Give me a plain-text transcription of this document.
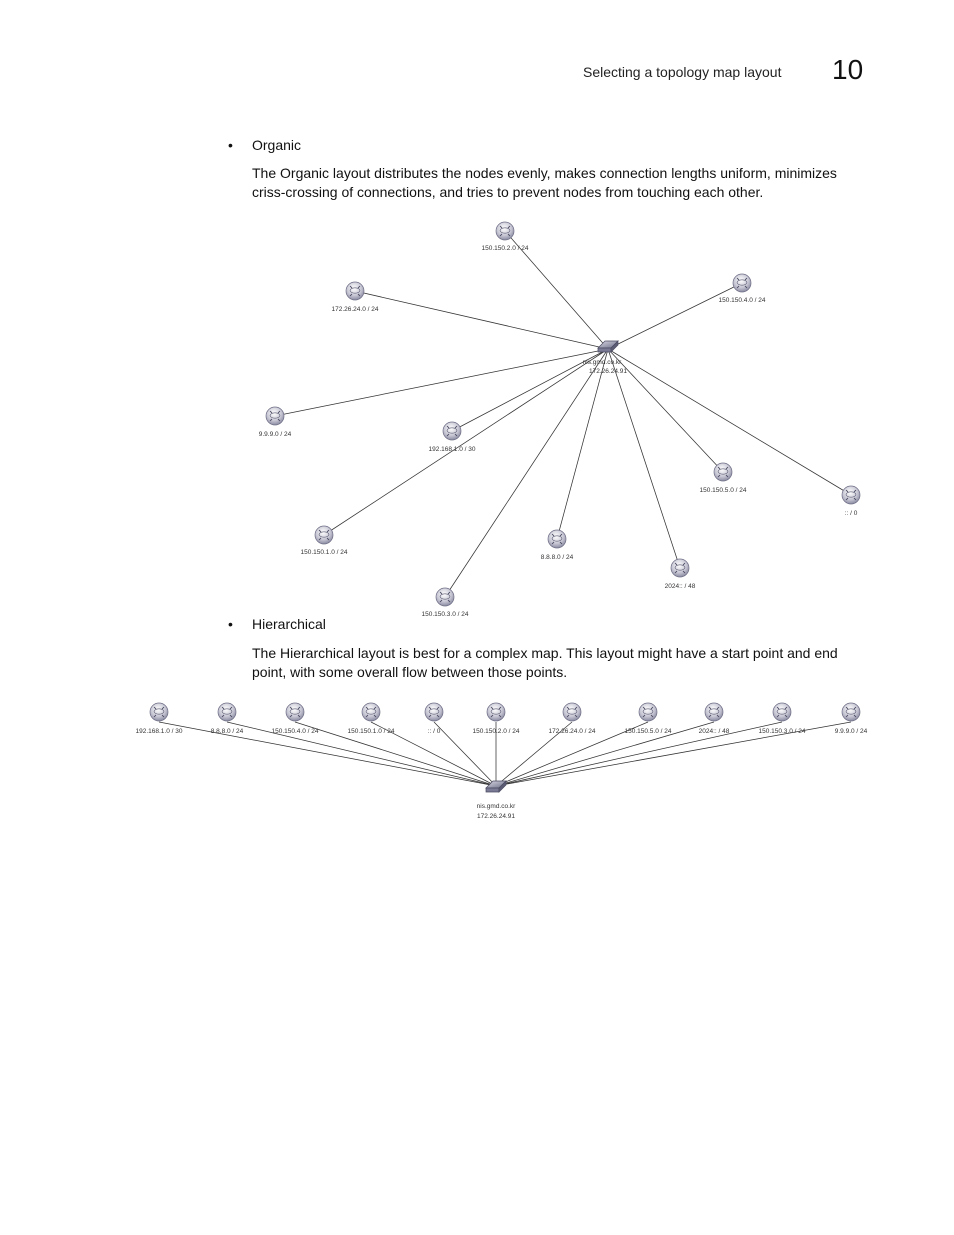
Selecting a topology map layout 10
• Organic
The Organic layout distributes the nodes evenly, makes connection lengths uniform, minimizes
criss-crossing of connections, and tries to prevent nodes from touching each other.
• Hierarchical
The Hierarchical layout is best for a complex map. This layout might have a start point and end
point, with some overall flow between those points.
150.150.2.0 / 24
150.150.4.0 / 24
172.26.24.0 / 24
9.9.9.0 / 24
192.168.1.0 / 30
150.150.5.0 / 24
:: / 0
150.150.1.0 / 24
8.8.8.0 / 24
2024:: / 48
150.150.3.0 / 24
nis.gmd.co.kr
172.26.24.91
192.168.1.0 / 30	8.8.8.0 / 24	150.150.4.0 / 24	150.150.1.0 / 24	:: / 0	150.150.2.0 / 24	172.26.24.0 / 24	150.150.5.0 / 24	2024:: / 48	150.150.3.0 / 24	9.9.9.0 / 24
nis.gmd.co.kr
172.26.24.91
